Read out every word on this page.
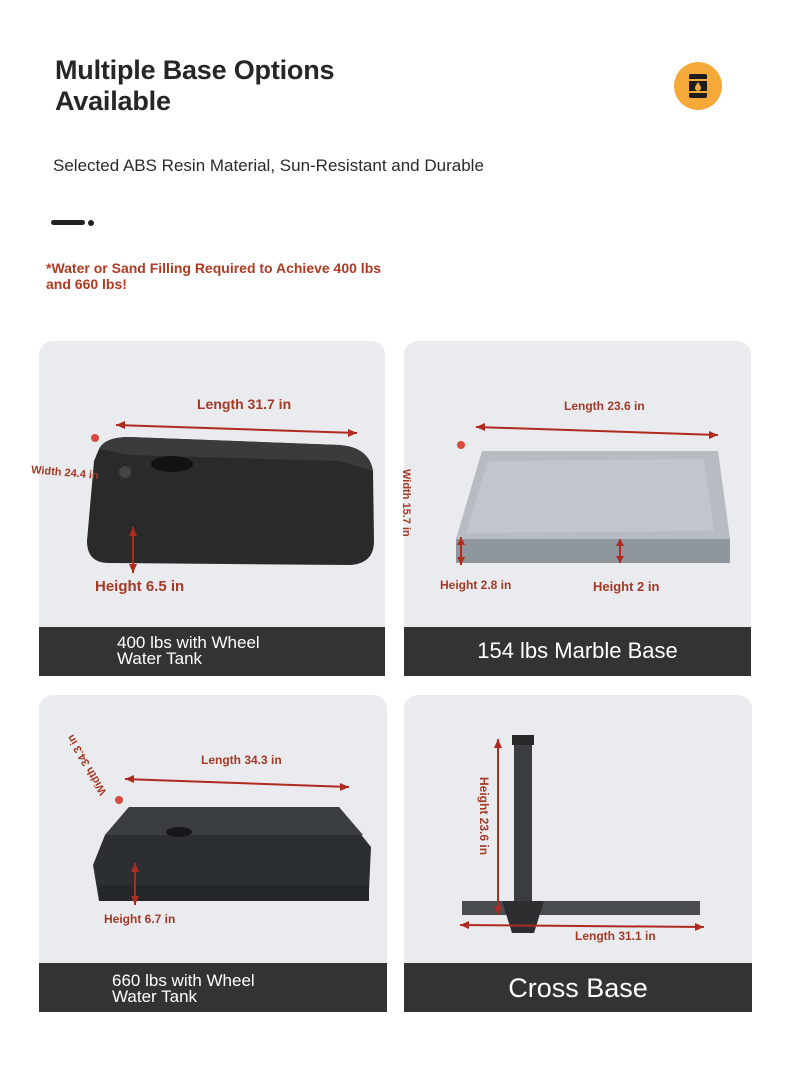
Multiple Base Options Available
Selected ABS Resin Material, Sun-Resistant and Durable
*Water or Sand Filling Required to Achieve 400 lbs and 660 lbs!
Length 31.7 in
Width 24.4 in
Height 6.5 in
400 lbs with Wheel
Water Tank
Length 23.6 in
Width 15.7 in
Height 2.8 in	Height 2 in
154 lbs Marble Base
Length 34.3 in
Width 34.3 in
Height 6.7 in
660 lbs with Wheel
Water Tank
Height 23.6 in
Length 31.1 in
Cross Base
